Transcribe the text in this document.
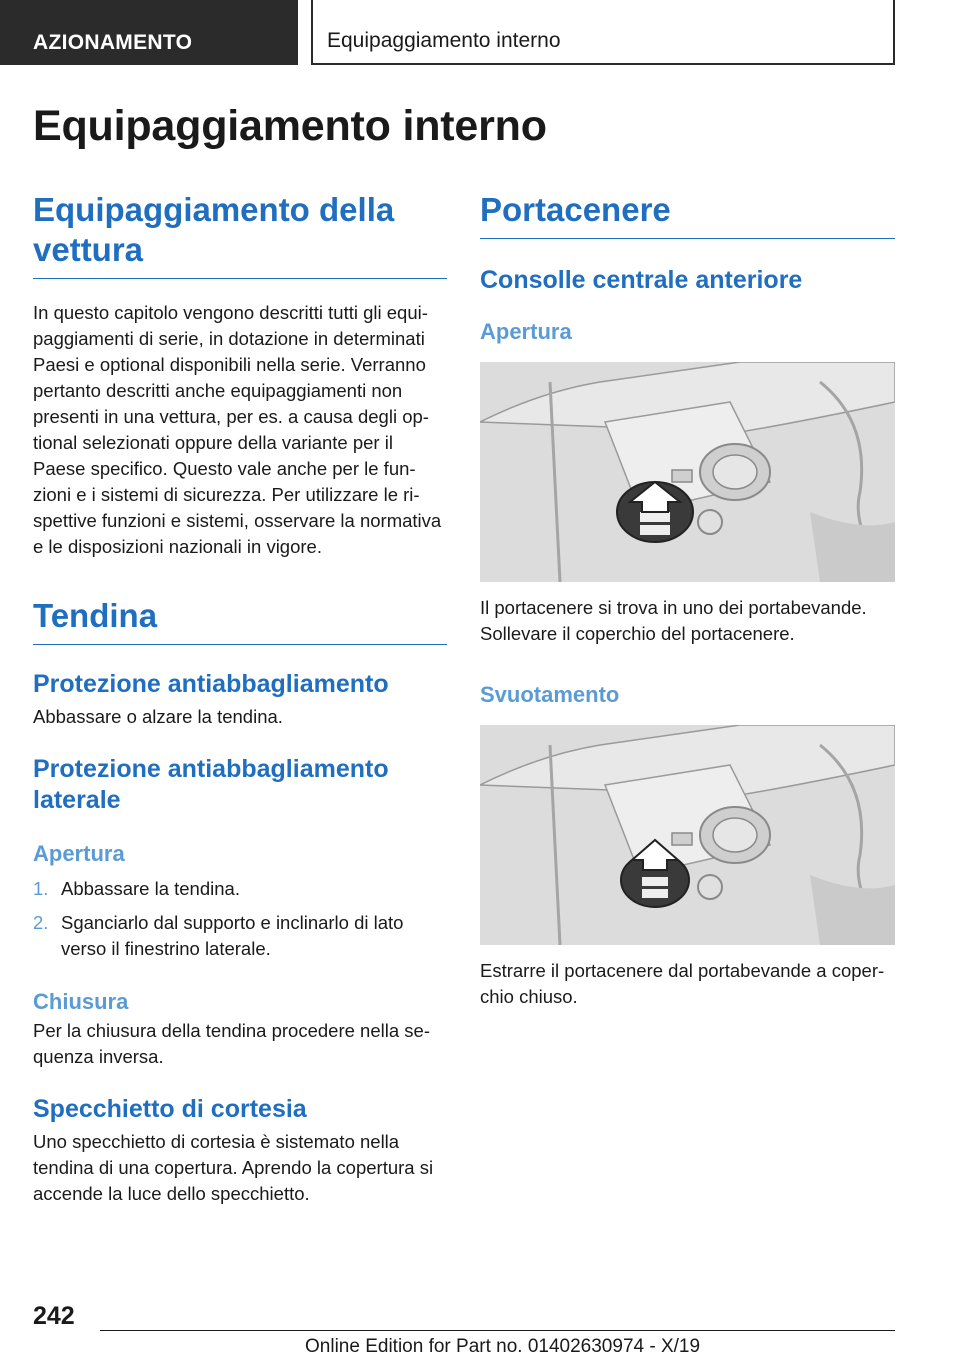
AZIONAMENTO	Equipaggiamento interno
Equipaggiamento interno
Equipaggiamento della vettura

In questo capitolo vengono descritti tutti gli equipaggiamenti di serie, in dotazione in determinati Paesi e optional disponibili nella serie. Verranno pertanto descritti anche equipaggiamenti non presenti in una vettura, per es. a causa degli optional selezionati oppure della variante per il Paese specifico. Questo vale anche per le funzioni e i sistemi di sicurezza. Per utilizzare le rispettive funzioni e sistemi, osservare la normativa e le disposizioni nazionali in vigore.

Tendina
Protezione antiabbagliamento

Abbassare o alzare la tendina.

Protezione antiabbagliamento laterale
Apertura
1. Abbassare la tendina.
2. Sganciarlo dal supporto e inclinarlo di lato verso il finestrino laterale.
Chiusura

Per la chiusura della tendina procedere nella sequenza inversa.

Specchietto di cortesia

Uno specchietto di cortesia è sistemato nella tendina di una copertura. Aprendo la copertura si accende la luce dello specchietto.

Portacenere
Consolle centrale anteriore
Apertura

Il portacenere si trova in uno dei portabevande. Sollevare il coperchio del portacenere.

Svuotamento

Estrarre il portacenere dal portabevande a coperchio chiuso.

242
Online Edition for Part no. 01402630974 - X/19
